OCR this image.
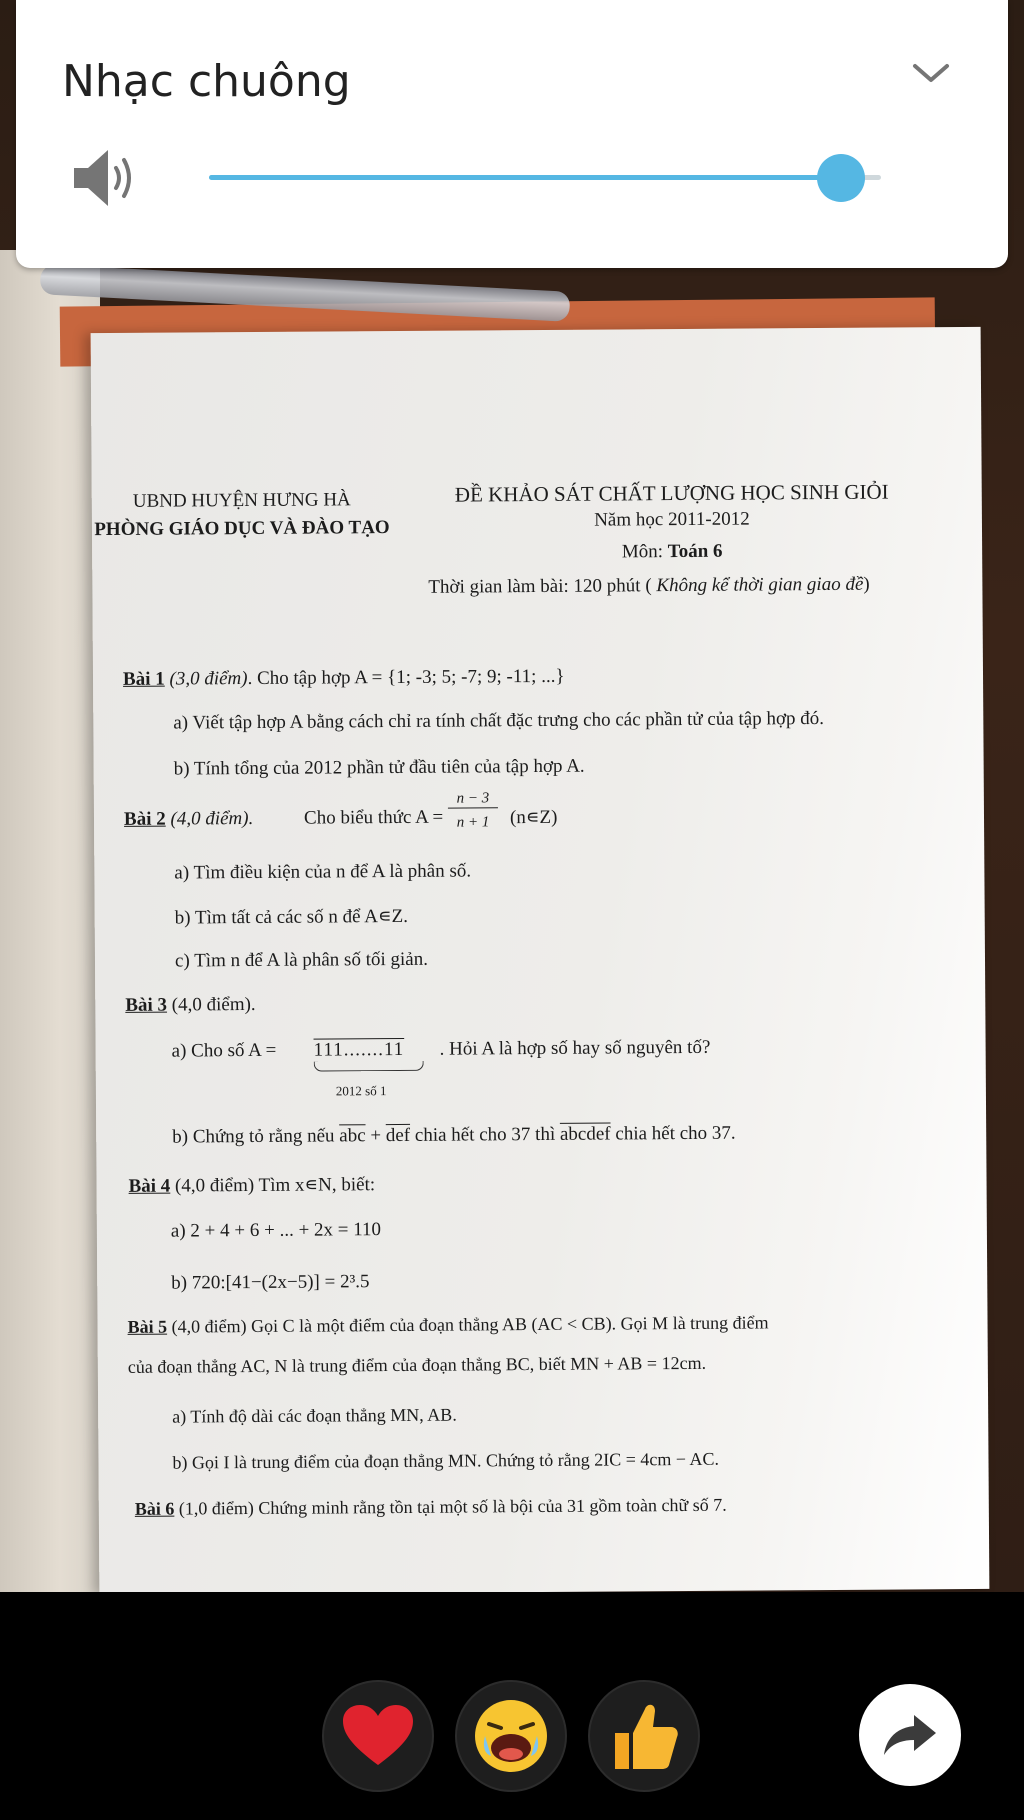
UBND HUYỆN HƯNG HÀ
PHÒNG GIÁO DỤC VÀ ĐÀO TẠO
ĐỀ KHẢO SÁT CHẤT LƯỢNG HỌC SINH GIỎI
Năm học 2011-2012
Môn: Toán 6
Thời gian làm bài: 120 phút ( Không kể thời gian giao đề)
Bài 1 (3,0 điểm). Cho tập hợp A = {1; -3; 5; -7; 9; -11; ...}
a) Viết tập hợp A bằng cách chỉ ra tính chất đặc trưng cho các phần tử của tập hợp đó.
b) Tính tổng của 2012 phần tử đầu tiên của tập hợp A.
Bài 2 (4,0 điểm).	Cho biểu thức A =
n − 3
n + 1	(n∊Z)
a) Tìm điều kiện của n để A là phân số.
b) Tìm tất cả các số n để A∊Z.
c) Tìm n để A là phân số tối giản.
Bài 3 (4,0 điểm).
a) Cho số A = 111.......11
2012 số 1
. Hỏi A là hợp số hay số nguyên tố?
b) Chứng tỏ rằng nếu $\overline{abc} + \overline{def}$ chia hết cho 37 thì abcdef chia hết cho 37.
Bài 4 (4,0 điểm) Tìm x∊N, biết:
a) 2 + 4 + 6 + ... + 2x = 110
b) 720:[41−(2x−5)] = 2³.5
Bài 5 (4,0 điểm) Gọi C là một điểm của đoạn thẳng AB (AC < CB). Gọi M là trung điểm
của đoạn thẳng AC, N là trung điểm của đoạn thẳng BC, biết MN + AB = 12cm.
a) Tính độ dài các đoạn thẳng MN, AB.
b) Gọi I là trung điểm của đoạn thẳng MN. Chứng tỏ rằng 2IC = 4cm − AC.
Bài 6 (1,0 điểm) Chứng minh rằng tồn tại một số là bội của 31 gồm toàn chữ số 7.
Nhạc chuông
